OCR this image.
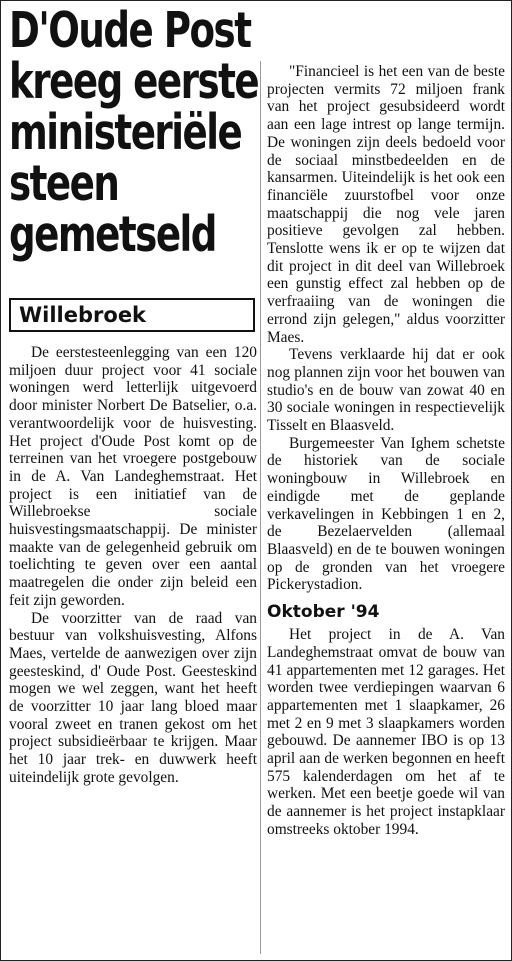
D'Oude Post
kreeg eerste
ministeriële
steen
gemetseld
Willebroek

De eerstesteenlegging van een 120 miljoen duur project voor 41 sociale woningen werd letterlijk uitgevoerd door minister Norbert De Batselier, o.a. verantwoordelijk voor de huisvesting. Het project d'Oude Post komt op de terreinen van het vroegere postgebouw in de A. Van Landeghemstraat. Het project is een initiatief van de Willebroekse sociale huisvestingsmaatschappij. De minister maakte van de gelegenheid gebruik om toelichting te geven over een aantal maatregelen die onder zijn beleid een feit zijn geworden.

De voorzitter van de raad van bestuur van volkshuisvesting, Alfons Maes, vertelde de aanwezigen over zijn geesteskind, d' Oude Post. Geesteskind mogen we wel zeggen, want het heeft de voorzitter 10 jaar lang bloed maar vooral zweet en tranen gekost om het project subsidieërbaar te krijgen. Maar het 10 jaar trek- en duwwerk heeft uiteindelijk grote gevolgen.

"Financieel is het een van de beste projecten vermits 72 miljoen frank van het project gesubsideerd wordt aan een lage intrest op lange termijn. De woningen zijn deels bedoeld voor de sociaal minstbedeelden en de kansarmen. Uiteindelijk is het ook een financiële zuurstofbel voor onze maatschappij die nog vele jaren positieve gevolgen zal hebben. Tenslotte wens ik er op te wijzen dat dit project in dit deel van Willebroek een gunstig effect zal hebben op de verfraaiing van de woningen die errond zijn gelegen," aldus voorzitter Maes.

Tevens verklaarde hij dat er ook nog plannen zijn voor het bouwen van studio's en de bouw van zowat 40 en 30 sociale woningen in respectievelijk Tisselt en Blaasveld.

Burgemeester Van Ighem schetste de historiek van de sociale woningbouw in Willebroek en eindigde met de geplande verkavelingen in Kebbingen 1 en 2, de Bezelaervelden (allemaal Blaasveld) en de te bouwen woningen op de gronden van het vroegere Pickerystadion.

Oktober '94

Het project in de A. Van Landeghemstraat omvat de bouw van 41 appartementen met 12 garages. Het worden twee verdiepingen waarvan 6 appartementen met 1 slaapkamer, 26 met 2 en 9 met 3 slaapkamers worden gebouwd. De aannemer IBO is op 13 april aan de werken begonnen en heeft 575 kalenderdagen om het af te werken. Met een beetje goede wil van de aannemer is het project instapklaar omstreeks oktober 1994.
